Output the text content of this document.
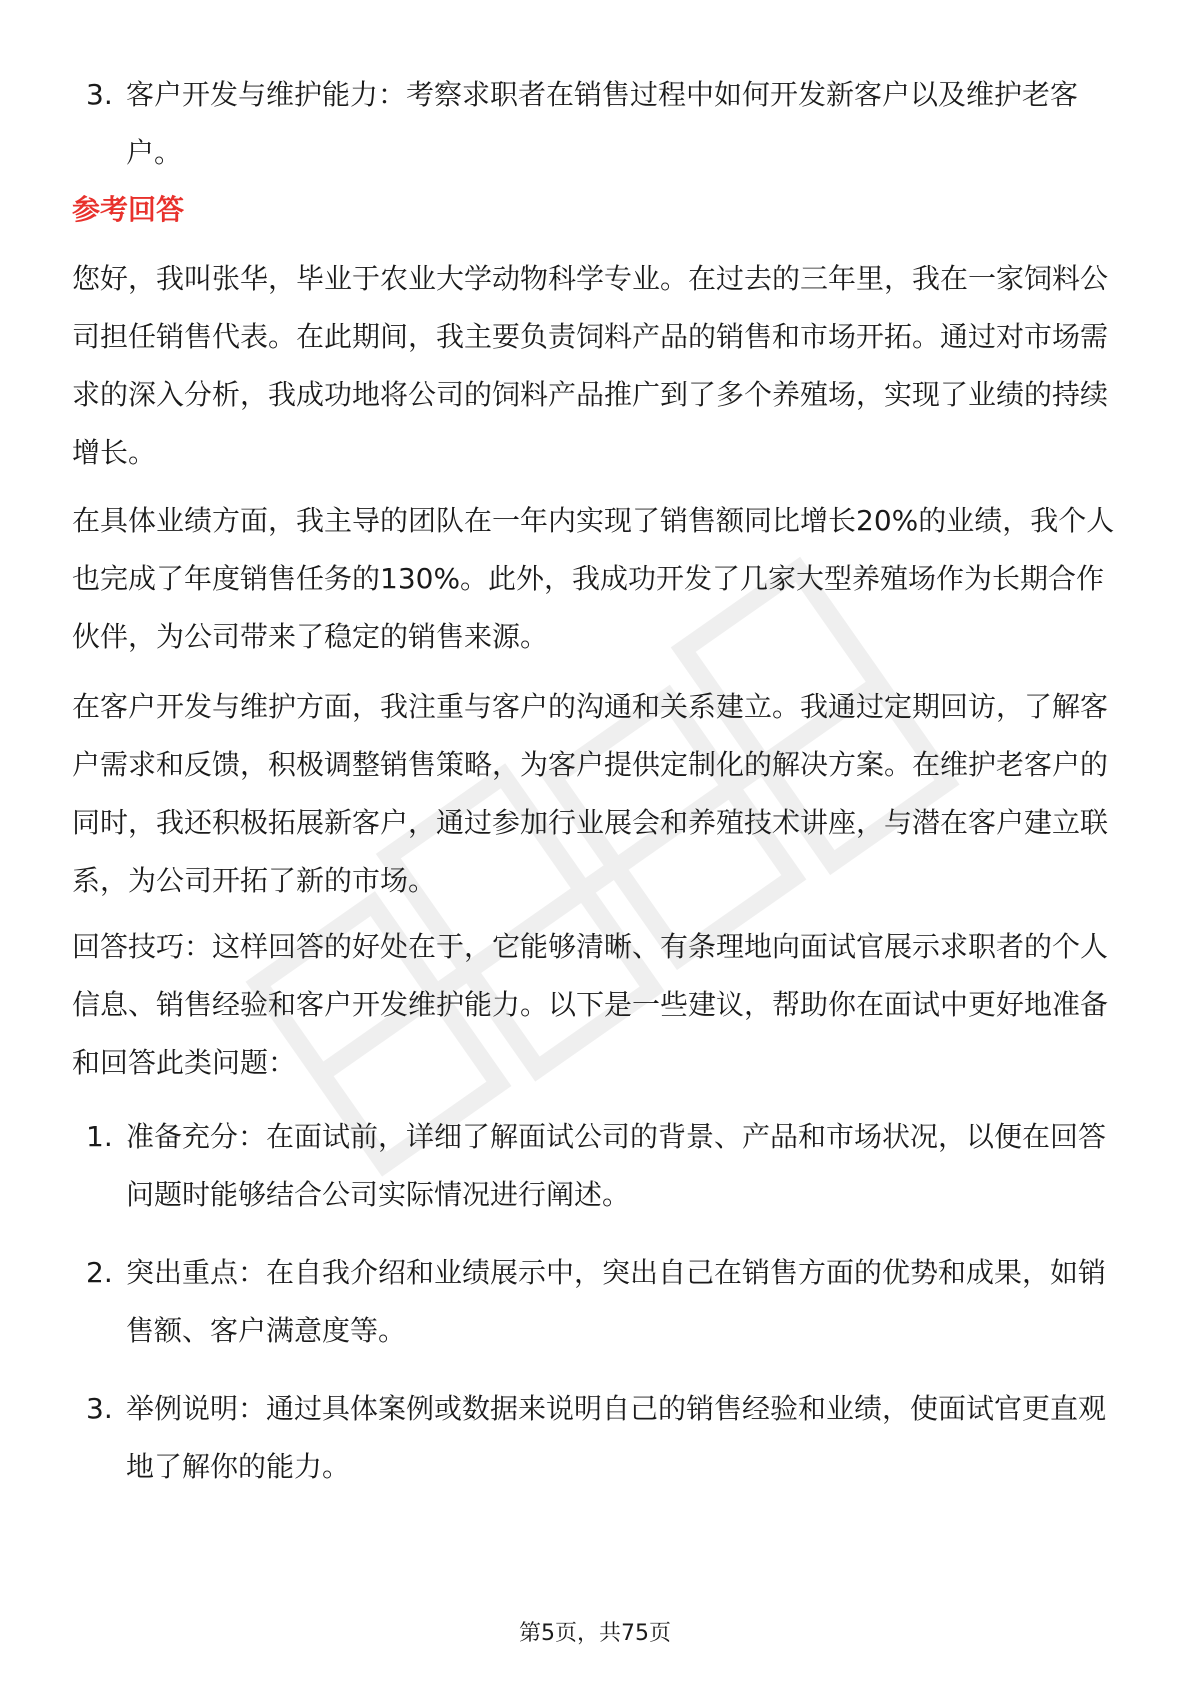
3. 客户开发与维护能力：考察求职者在销售过程中如何开发新客户以及维护老客户。
参考回答

您好，我叫张华，毕业于农业大学动物科学专业。在过去的三年里，我在一家饲料公司担任销售代表。在此期间，我主要负责饲料产品的销售和市场开拓。通过对市场需求的深入分析，我成功地将公司的饲料产品推广到了多个养殖场，实现了业绩的持续增长。

在具体业绩方面，我主导的团队在一年内实现了销售额同比增长20%的业绩，我个人也完成了年度销售任务的130%。此外，我成功开发了几家大型养殖场作为长期合作伙伴，为公司带来了稳定的销售来源。

在客户开发与维护方面，我注重与客户的沟通和关系建立。我通过定期回访，了解客户需求和反馈，积极调整销售策略，为客户提供定制化的解决方案。在维护老客户的同时，我还积极拓展新客户，通过参加行业展会和养殖技术讲座，与潜在客户建立联系，为公司开拓了新的市场。

回答技巧：这样回答的好处在于，它能够清晰、有条理地向面试官展示求职者的个人信息、销售经验和客户开发维护能力。以下是一些建议，帮助你在面试中更好地准备和回答此类问题：

1. 准备充分：在面试前，详细了解面试公司的背景、产品和市场状况，以便在回答问题时能够结合公司实际情况进行阐述。
2. 突出重点：在自我介绍和业绩展示中，突出自己在销售方面的优势和成果，如销售额、客户满意度等。
3. 举例说明：通过具体案例或数据来说明自己的销售经验和业绩，使面试官更直观地了解你的能力。
第5页，共75页
